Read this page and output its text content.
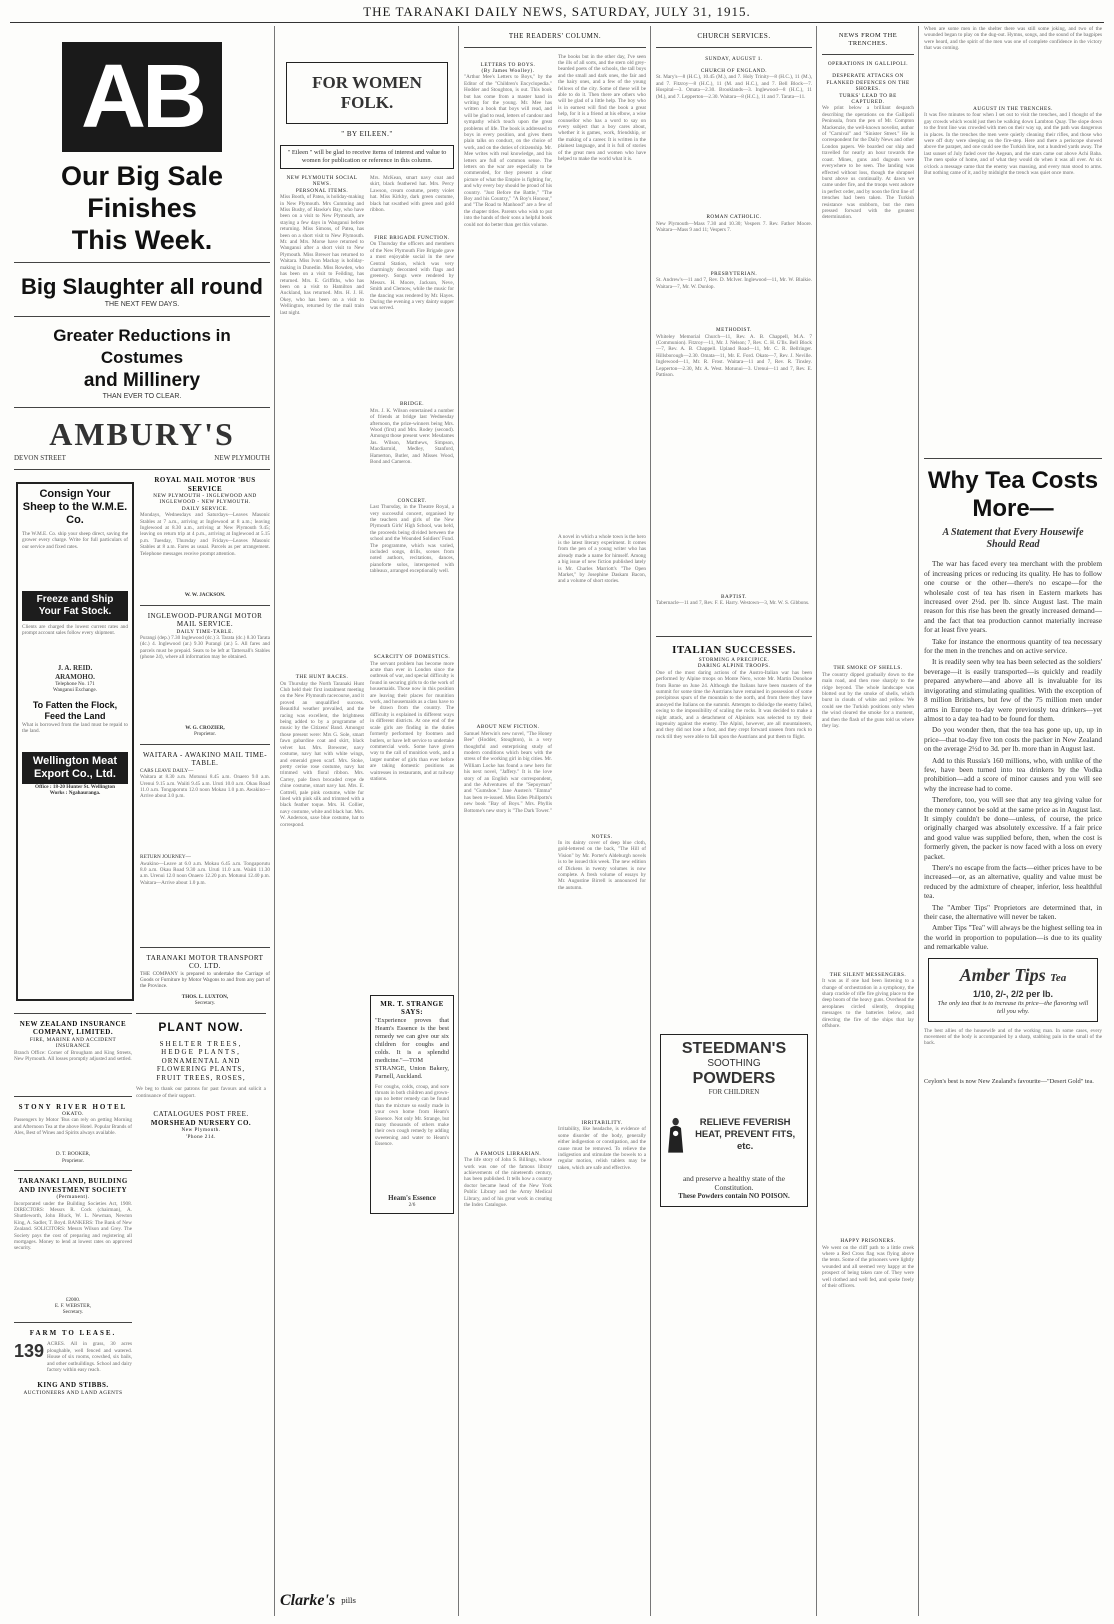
THE TARANAKI DAILY NEWS, SATURDAY, JULY 31, 1915.
AB
Our Big Sale Finishes
This Week.
Big Slaughter all round
THE NEXT FEW DAYS.
Greater Reductions in Costumes
and Millinery
THAN EVER TO CLEAR.
AMBURY'S
DEVON STREET	NEW PLYMOUTH
Consign Your Sheep to the W.M.E. Co.
The W.M.E. Co. ship your sheep direct, saving the grower every charge. Write for full particulars of our service and fixed rates.
Freeze and Ship Your Fat Stock.
Clients are charged the lowest current rates and prompt account sales follow every shipment.
J. A. REID.
ARAMOHO.
Telephone No. 171
Wanganui Exchange.
To Fatten the Flock, Feed the Land
What is borrowed from the land must be repaid to the land.
Wellington Meat Export Co., Ltd.
Office : 18-20 Hunter St. Wellington
Works : Ngahauranga.
ROYAL MAIL MOTOR 'BUS SERVICE
NEW PLYMOUTH - INGLEWOOD AND INGLEWOOD - NEW PLYMOUTH.
DAILY SERVICE.
Mondays, Wednesdays and Saturdays—Leaves Masonic Stables at 7 a.m., arriving at Inglewood at 8 a.m.; leaving Inglewood at 8.30 a.m., arriving at New Plymouth 9.45; leaving on return trip at 4 p.m., arriving at Inglewood at 5.15 p.m. Tuesday, Thursday and Fridays—Leaves Masonic Stables at 8 a.m. Fares as usual. Parcels as per arrangement. Telephone messages receive prompt attention.
W. W. JACKSON.
INGLEWOOD-PURANGI MOTOR MAIL SERVICE.
DAILY TIME-TABLE.
Purangi (dep.) 7.30 Inglewood (dc.) 3. Tarata (dc.) 8.30 Tarata (dc.) 4. Inglewood (ar.) 9.30 Purangi (ar.) 5. All fares and parcels must be prepaid. Seats to be left at Tattersall's Stables (phone 24), where all information may be obtained.
W. G. CROZIER,
Proprietor.
WAITARA - AWAKINO MAIL TIME-TABLE.
CARS LEAVE DAILY—
Waitara at 8.30 a.m. Motunui 8.45 a.m. Onaero 9.0 a.m. Urenui 9.15 a.m. Waiiti 9.45 a.m. Uruti 10.0 a.m. Okau Road 11.0 a.m. Tongaporutu 12.0 noon Mokau 1.0 p.m. Awakino—Arrive about 3.0 p.m.
RETURN JOURNEY—
Awakino—Leave at 6.0 a.m. Mokau 6.45 a.m. Tongaporutu 8.0 a.m. Okau Road 9.30 a.m. Uruti 11.0 a.m. Waiiti 11.30 a.m. Urenui 12.0 noon Onaero 12.20 p.m. Motunui 12.40 p.m. Waitara—Arrive about 1.0 p.m.
TARANAKI MOTOR TRANSPORT CO. LTD.
THE COMPANY is prepared to undertake the Carriage of Goods or Furniture by Motor Wagons to and from any part of the Province.
THOS. L. LUXTON,
Secretary.
NEW ZEALAND INSURANCE COMPANY, LIMITED.
FIRE, MARINE AND ACCIDENT INSURANCE
Branch Office: Corner of Brougham and King Streets, New Plymouth. All losses promptly adjusted and settled.
STONY RIVER HOTEL
OKATO.
Passengers by Motor 'Bus can rely on getting Morning and Afternoon Tea at the above Hotel. Popular Brands of Ales, Best of Wines and Spirits always available.
D. T. BOOKER,
Proprietor.
TARANAKI LAND, BUILDING AND INVESTMENT SOCIETY
(Permanent).
Incorporated under the Building Societies Act, 1908. DIRECTORS: Messrs R. Cock (chairman), A. Shuttleworth, John Bluck, W. L. Newman, Newton King, A. Sadler, T. Boyd. BANKERS: The Bank of New Zealand. SOLICITORS: Messrs Wilson and Grey. The Society pays the cost of preparing and registering all mortgages. Money to lend at lowest rates on approved security.
£2000.
E. F. WEBSTER,
Secretary.
FARM TO LEASE.
139 ACRES. All in grass, 30 acres ploughable, well fenced and watered. House of six rooms, cowshed, six bails, and other outbuildings. School and dairy factory within easy reach.
KING AND STIBBS.
AUCTIONEERS AND LAND AGENTS
PLANT NOW.
SHELTER TREES,
HEDGE PLANTS,
ORNAMENTAL AND FLOWERING PLANTS,
FRUIT TREES, ROSES,
We beg to thank our patrons for past favours and solicit a continuance of their support.
CATALOGUES POST FREE.
MORSHEAD NURSERY CO.
New Plymouth.
'Phone 214.
FOR WOMEN FOLK.
" BY EILEEN."
" Eileen " will be glad to receive items of interest and value to women for publication or reference in this column.
NEW PLYMOUTH SOCIAL NEWS.
PERSONAL ITEMS.
Miss Booth, of Patea, is holiday-making in New Plymouth. Mrs Cumming and Miss Busby, of Hawke's Bay, who have been on a visit to New Plymouth, are staying a few days in Wanganui before returning. Miss Simons, of Patea, has been on a short visit to New Plymouth. Mr. and Mrs. Morse have returned to Wanganui after a short visit to New Plymouth. Miss Brewer has returned to Waitara. Miss Ivon Mackay is holiday-making in Dunedin. Miss Rowden, who has been on a visit to Feilding, has returned. Mrs. E. Griffiths, who has been on a visit to Hamilton and Auckland, has returned. Mrs. H. J. H. Okey, who has been on a visit to Wellington, returned by the mail train last night.
THE HUNT RACES.
On Thursday the North Taranaki Hunt Club held their first instalment meeting on the New Plymouth racecourse, and it proved an unqualified success. Beautiful weather prevailed, and the racing was excellent, the brightness being added to by a programme of music by the Citizens' Band. Amongst those present were: Mrs G. Sole, smart fawn gabardine coat and skirt, black velvet hat. Mrs. Brewster, navy costume, navy hat with white wings, and emerald green scarf. Mrs. Stoke, pretty cerise rose costume, navy hat trimmed with floral ribbon. Mrs. Carrey, pale fawn brocaded crepe de chine costume, smart navy hat. Mrs. E. Cottrell, pale pink costume, white fur lined with pink silk and trimmed with a black feather toque. Mrs. H. Collier, navy costume, white and black hat. Mrs. W. Anderson, saxe blue costume, hat to correspond.
Mrs. McKean, smart navy coat and skirt, black feathered hat. Mrs. Percy Lawson, cream costume, pretty violet hat. Miss Kirkby, dark green costume, black hat swathed with green and gold ribbon.
FIRE BRIGADE FUNCTION.
On Thursday the officers and members of the New Plymouth Fire Brigade gave a most enjoyable social in the new Central Station, which was very charmingly decorated with flags and greenery. Songs were rendered by Messrs. H. Moore, Jackson, Neve, Smith and Clemow, while the music for the dancing was rendered by Mr. Hayes. During the evening a very dainty supper was served.
BRIDGE.
Mrs. J. K. Wilson entertained a number of friends at bridge last Wednesday afternoon, the prize-winners being Mrs. Wood (first) and Mrs. Rodey (second). Amongst those present were: Mesdames Jas. Wilson, Matthews, Simpson, Macdiarmid, Medley, Stanford, Hamerton, Butler, and Misses Wood, Bond and Cameron.
CONCERT.
Last Thursday, in the Theatre Royal, a very successful concert, organised by the teachers and girls of the New Plymouth Girls' High School, was held, the proceeds being divided between the school and the Wounded Soldiers' Fund. The programme, which was varied, included songs, drills, scenes from noted authors, recitations, dances, pianoforte solos, interspersed with tableaux, arranged exceptionally well.
SCARCITY OF DOMESTICS.
The servant problem has become more acute than ever in London since the outbreak of war, and special difficulty is found in securing girls to do the work of housemaids. Those now in this position are leaving their places for munition work, and housemaids as a class have to be drawn from the country. The difficulty is explained in different ways in different districts. At one end of the scale girls are finding in the duties formerly performed by footmen and butlers, or have left service to undertake commercial work. Some have given way to the call of munition work, and a larger number of girls than ever before are taking domestic positions as waitresses in restaurants, and at railway stations.
MR. T. STRANGE SAYS:
"Experience proves that Heam's Essence is the best remedy we can give our six children for coughs and colds. It is a splendid medicine."—TOM STRANGE, Union Bakery, Parnell, Auckland.
For coughs, colds, croup, and sore throats in both children and grown-ups no better remedy can be found than the mixture so easily made in your own home from Heam's Essence. Not only Mr. Strange, but many thousands of others make their own cough remedy by adding sweetening and water to Heam's Essence.
Heam's Essence
2/6
THE READERS' COLUMN.
LETTERS TO BOYS.
(By James Woolley).
"Arthur Mee's Letters to Boys," by the Editor of the "Children's Encyclopedia." Hodder and Stoughton, is out. This book but has come from a master hand in writing for the young. Mr. Mee has written a book that boys will read, and will be glad to read, letters of candour and sympathy which touch upon the great problems of life. The book is addressed to boys in every position, and gives them plain talks on conduct, on the choice of work, and on the duties of citizenship. Mr. Mee writes with real knowledge, and his letters are full of common sense. The letters on the war are especially to be commended, for they present a clear picture of what the Empire is fighting for, and why every boy should be proud of his country. "Just Before the Battle," "The Boy and his Country," "A Boy's Honour," and "The Road to Manhood" are a few of the chapter titles. Parents who wish to put into the hands of their sons a helpful book could not do better than get this volume.
ABOUT NEW FICTION.
Samuel Merwin's new novel, "The Honey Bee" (Hodder, Stoughton), is a very thoughtful and enterprising study of modern conditions which bears with the stress of the working girl in big cities. Mr. William Locke has found a new hero for his next novel, "Jaffery." It is the love story of an English war correspondent, and the Adventures of the "Sepoyman" and "Gumshoe." Jane Austen's "Emma" has been re-issued. Miss Eden Phillpotts's new book "Bay of Boys." Mrs. Phyllis Bottome's new story is "The Dark Tower."
A FAMOUS LIBRARIAN.
The life story of John S. Billings, whose work was one of the famous library achievements of the nineteenth century, has been published. It tells how a country doctor became head of the New York Public Library and the Army Medical Library, and of his great work in creating the Index Catalogue.
The books but in the other day, I've seen the ills of all sorts, and the stern old grey-bearded poets of the schools, the tall boys and the small and dark ones, the fair and the hairy ones, and a few of the young fellows of the city. Some of these will be able to do it. Then there are others who will be glad of a little help. The boy who is in earnest will find the book a great help, for it is a friend at his elbow, a wise counsellor who has a word to say on every subject that a boy cares about, whether it is games, work, friendship, or the making of a career. It is written in the plainest language, and it is full of stories of the great men and women who have helped to make the world what it is.
A novel in which a whole town is the hero is the latest literary experiment. It comes from the pen of a young writer who has already made a name for himself. Among a big issue of new fiction published lately is Mr. Charles Marriott's "The Open Market," by Josephine Daskam Bacon, and a volume of short stories.
NOTES.
In its dainty cover of deep blue cloth, gold-lettered on the back, "The Hill of Vision" by Mr. Porter's Aldeburgh novels is to be issued this week. The new edition of Dickens in twenty volumes is now complete. A fresh volume of essays by Mr. Augustine Birrell is announced for the autumn.
IRRITABILITY.
Irritability, like headache, is evidence of some disorder of the body, generally either indigestion or constipation, and the cause must be removed. To relieve the indigestion and stimulate the bowels to a regular motion, relish tablets may be taken, which are safe and effective.
CHURCH SERVICES.
SUNDAY, AUGUST 1.
CHURCH OF ENGLAND.
St. Mary's—8 (H.C.), 10.45 (M.), and 7. Holy Trinity—8 (H.C.), 11 (M.), and 7. Fitzroy—8 (H.C.), 11 (M. and H.C.), and 7. Bell Block—7. Hospital—3. Omata—2.30. Brooklands—3. Inglewood—8 (H.C.), 11 (M.), and 7. Lepperton—2.30. Waitara—8 (H.C.), 11 and 7. Tarata—11.
ROMAN CATHOLIC.
New Plymouth—Mass 7.30 and 10.30; Vespers 7. Rev. Father Moore. Waitara—Mass 9 and 11; Vespers 7.
PRESBYTERIAN.
St. Andrew's—11 and 7, Rev. D. McIver. Inglewood—11, Mr. W. Blaikie. Waitara—7, Mr. W. Dunlop.
METHODIST.
Whiteley Memorial Church—11, Rev. A. B. Chappell, M.A. 7 (Communion). Fitzroy—11, Mr. J. Nelson; 7, Rev. C. H. G'Ils. Bell Block—7, Rev. A. B. Chappell. Upland Road—11, Mr. C. R. Bellringer. Hillsborough—2.30. Omata—11, Mr. E. Ford. Okato—7, Rev. J. Neville. Inglewood—11, Mr. R. Frost. Waitara—11 and 7, Rev. R. Tinsley. Lepperton—2.30, Mr. A. West. Motunui—3. Urenui—11 and 7, Rev. E. Pattison.
BAPTIST.
Tabernacle—11 and 7, Rev. F. E. Harry. Westown—3, Mr. W. S. Gibbons.
ITALIAN SUCCESSES.
STORMING A PRECIPICE.
DARING ALPINE TROOPS.
One of the most daring actions of the Austro-Italian war has been performed by Alpine troops on Monte Nero, wrote Mr. Martin Donohoe from Rome on June 24. Although the Italians have been masters of the summit for some time the Austrians have remained in possession of some precipitous spurs of the mountain to the north, and from there they have annoyed the Italians on the summit. Attempts to dislodge the enemy failed, owing to the impossibility of scaling the rocks. It was decided to make a night attack, and a detachment of Alpinists was selected to try their ingenuity against the enemy. The Alpini, however, are all mountaineers, and they did not lose a foot, and they crept forward unseen from rock to rock till they were able to fall upon the Austrians and put them to flight.
STEEDMAN'S
SOOTHING
POWDERS
FOR CHILDREN
RELIEVE FEVERISH HEAT, PREVENT FITS, etc.
and preserve a healthy state of the Constitution.
These Powders contain NO POISON.
NEWS FROM THE TRENCHES.
OPERATIONS IN GALLIPOLI.
DESPERATE ATTACKS ON FLANKED DEFENCES ON THE SHORES.
TURKS' LEAD TO BE CAPTURED.
We print below a brilliant despatch describing the operations on the Gallipoli Peninsula, from the pen of Mr. Compton Mackenzie, the well-known novelist, author of "Carnival" and "Sinister Street." He is correspondent for the Daily News and other London papers. We boarded our ship and travelled for nearly an hour towards the coast. Mines, guns and dugouts were everywhere to be seen. The landing was effected without loss, though the shrapnel burst above us continually. At dawn we came under fire, and the troops went ashore in perfect order, and by noon the first line of trenches had been taken. The Turkish resistance was stubborn, but the men pressed forward with the greatest determination.
THE SMOKE OF SHELLS.
The country dipped gradually down to the main road, and then rose sharply to the ridge beyond. The whole landscape was blotted out by the smoke of shells, which burst in clouds of white and yellow. We could see the Turkish positions only when the wind cleared the smoke for a moment, and then the flash of the guns told us where they lay.
THE SILENT MESSENGERS.
It was as if one had been listening to a change of orchestration in a symphony, the sharp crackle of rifle fire giving place to the deep boom of the heavy guns. Overhead the aeroplanes circled silently, dropping messages to the batteries below, and directing the fire of the ships that lay offshore.
HAPPY PRISONERS.
We went on the cliff path to a little creek where a Red Cross flag was flying above the tents. Some of the prisoners were lightly wounded and all seemed very happy at the prospect of being taken care of. They were well clothed and well fed, and spoke freely of their officers.
When are some men in the shelter there was still some joking, and two of the wounded began to play on the dug-out. Hymns, songs, and the sound of the bagpipes were heard, and the spirit of the men was one of complete confidence in the victory that was coming.
AUGUST IN THE TRENCHES.
It was five minutes to four when I set out to visit the trenches, and I thought of the gay crowds which would just then be walking down Lambton Quay. The slope down to the front line was crowded with men on their way up, and the path was dangerous in places. In the trenches the men were quietly cleaning their rifles, and those who were off duty were sleeping on the fire-step. Here and there a periscope showed above the parapet, and one could see the Turkish line, not a hundred yards away. The last sunset of July faded over the Aegean, and the stars came out above Achi Baba. The men spoke of home, and of what they would do when it was all over. At six o'clock a message came that the enemy was massing, and every man stood to arms. But nothing came of it, and by midnight the trench was quiet once more.
Why Tea Costs More—
A Statement that Every Housewife Should Read

The war has faced every tea merchant with the problem of increasing prices or reducing its quality. He has to follow one course or the other—there's no escape—for the wholesale cost of tea has risen in Eastern markets has increased over 2½d. per lb. since August last. The main reason for this rise has been the greatly increased demand—and the fact that tea production cannot materially increase for at least five years.

Take for instance the enormous quantity of tea necessary for the men in the trenches and on active service.

It is readily seen why tea has been selected as the soldiers' beverage—it is easily transported—is quickly and readily prepared anywhere—and above all is invaluable for its invigorating and stimulating qualities. With the exception of 8 million Britishers, but few of the 75 million men under arms in Europe to-day were previously tea drinkers—yet almost to a day tea had to be found for them.

Do you wonder then, that the tea has gone up, up, up in price—that to-day five ton costs the packer in New Zealand on the average 2½d to 3d. per lb. more than in August last.

Add to this Russia's 160 millions, who, with unlike of the few, have been turned into tea drinkers by the Vodka prohibition—add a score of minor causes and you will see why the increase had to come.

Therefore, too, you will see that any tea giving value for the money cannot be sold at the same price as in August last. It simply couldn't be done—unless, of course, the price originally charged was absolutely excessive. If a fair price and good value was supplied before, then, when the cost is formerly given, the packer is now faced with a loss on every packet.

There's no escape from the facts—either prices have to be increased—or, as an alternative, quality and value must be reduced by the admixture of cheaper, inferior, less healthful tea.

The "Amber Tips" Proprietors are determined that, in their case, the alternative will never be taken.

Amber Tips "Tea" will always be the highest selling tea in the world in proportion to population—is due to its quality and remarkable value.

Amber Tips Tea
1/10, 2/-, 2/2 per lb.
The only tea that is to increase its price—the flavoring will tell you why.
The best allies of the housewife and of the working man. In some cases, every movement of the body is accompanied by a sharp, stabbing pain in the small of the back.
Ceylon's best is now New Zealand's favourite—"Desert Gold" tea.
Clarke's pills
